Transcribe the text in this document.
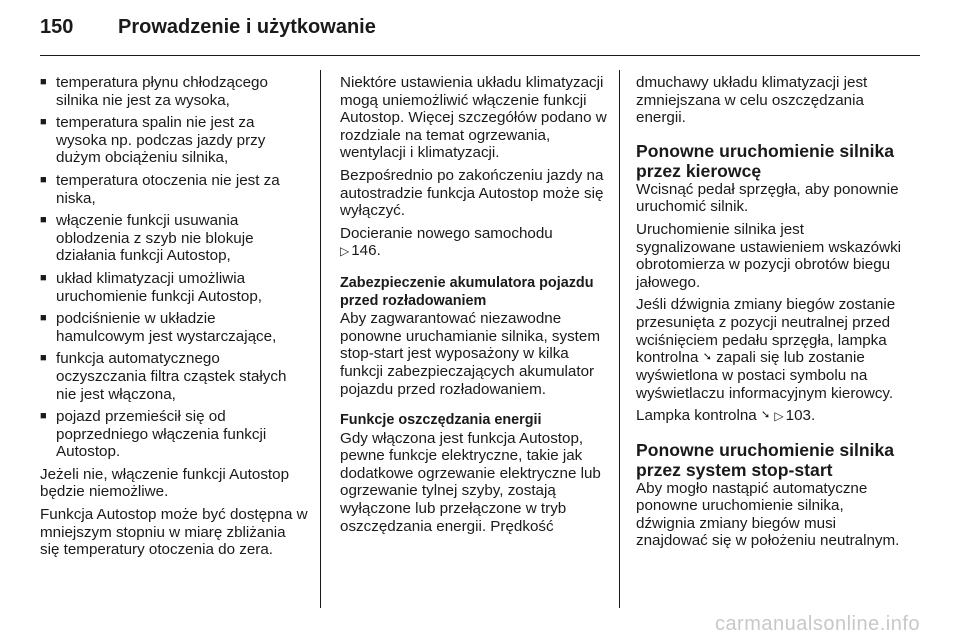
150	Prowadzenie i użytkowanie
■ temperatura płynu chłodzącego silnika nie jest za wysoka,
■ temperatura spalin nie jest za wysoka np. podczas jazdy przy dużym obciążeniu silnika,
■ temperatura otoczenia nie jest za niska,
■ włączenie funkcji usuwania oblodzenia z szyb nie blokuje działania funkcji Autostop,
■ układ klimatyzacji umożliwia uruchomienie funkcji Autostop,
■ podciśnienie w układzie hamulcowym jest wystarczające,
■ funkcja automatycznego oczyszczania filtra cząstek stałych nie jest włączona,
■ pojazd przemieścił się od poprzedniego włączenia funkcji Autostop.

Jeżeli nie, włączenie funkcji Autostop będzie niemożliwe.

Funkcja Autostop może być dostępna w mniejszym stopniu w miarę zbliżania się temperatury otoczenia do zera.

Niektóre ustawienia układu klimatyzacji mogą uniemożliwić włączenie funkcji Autostop. Więcej szczegółów podano w rozdziale na temat ogrzewania, wentylacji i klimatyzacji.

Bezpośrednio po zakończeniu jazdy na autostradzie funkcja Autostop może się wyłączyć.

Docieranie nowego samochodu
▷ 146.

Zabezpieczenie akumulatora pojazdu przed rozładowaniem

Aby zagwarantować niezawodne ponowne uruchamianie silnika, system stop-start jest wyposażony w kilka funkcji zabezpieczających akumulator pojazdu przed rozładowaniem.

Funkcje oszczędzania energii

Gdy włączona jest funkcja Autostop, pewne funkcje elektryczne, takie jak dodatkowe ogrzewanie elektryczne lub ogrzewanie tylnej szyby, zostają wyłączone lub przełączone w tryb oszczędzania energii. Prędkość

dmuchawy układu klimatyzacji jest zmniejszana w celu oszczędzania energii.

Ponowne uruchomienie silnika przez kierowcę

Wcisnąć pedał sprzęgła, aby ponownie uruchomić silnik.

Uruchomienie silnika jest sygnalizowane ustawieniem wskazówki obrotomierza w pozycji obrotów biegu jałowego.

Jeśli dźwignia zmiany biegów zostanie przesunięta z pozycji neutralnej przed wciśnięciem pedału sprzęgła, lampka kontrolna ➘ zapali się lub zostanie wyświetlona w postaci symbolu na wyświetlaczu informacyjnym kierowcy.

Lampka kontrolna ➘ ▷ 103.

Ponowne uruchomienie silnika przez system stop-start

Aby mogło nastąpić automatyczne ponowne uruchomienie silnika, dźwignia zmiany biegów musi znajdować się w położeniu neutralnym.

carmanualsonline.info
